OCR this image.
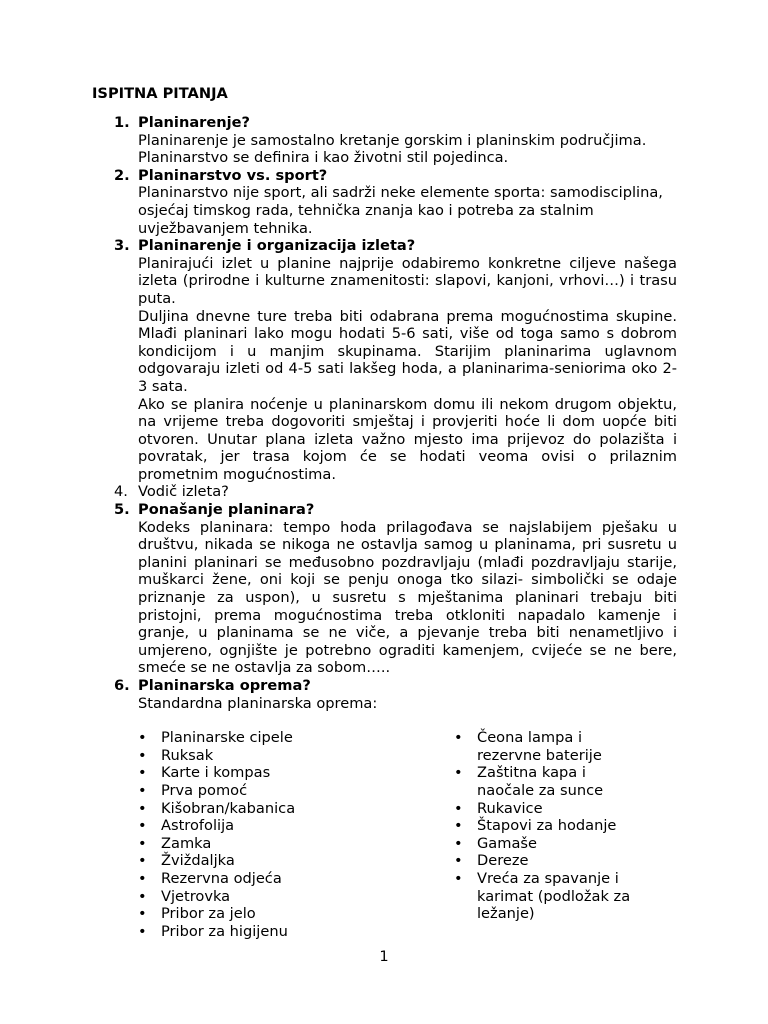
ISPITNA PITANJA
1. Planinarenje?
Planinarenje je samostalno kretanje gorskim i planinskim područjima. Planinarstvo se definira i kao životni stil pojedinca.
2. Planinarstvo vs. sport?
Planinarstvo nije sport, ali sadrži neke elemente sporta: samodisciplina, osjećaj timskog rada, tehnička znanja kao i potreba za stalnim uvježbavanjem tehnika.
3. Planinarenje i organizacija izleta?
Planirajući izlet u planine najprije odabiremo konkretne ciljeve našega izleta (prirodne i kulturne znamenitosti: slapovi, kanjoni, vrhovi…) i trasu puta.
Duljina dnevne ture treba biti odabrana prema mogućnostima skupine. Mlađi planinari lako mogu hodati 5-6 sati, više od toga samo s dobrom kondicijom i u manjim skupinama. Starijim planinarima uglavnom odgovaraju izleti od 4-5 sati lakšeg hoda, a planinarima-seniorima oko 2-3 sata.
Ako se planira noćenje u planinarskom domu ili nekom drugom objektu, na vrijeme treba dogovoriti smještaj i provjeriti hoće li dom uopće biti otvoren. Unutar plana izleta važno mjesto ima prijevoz do polazišta i povratak, jer trasa kojom će se hodati veoma ovisi o prilaznim prometnim mogućnostima.
4. Vodič izleta?
5. Ponašanje planinara?
Kodeks planinara: tempo hoda prilagođava se najslabijem pješaku u društvu, nikada se nikoga ne ostavlja samog u planinama, pri susretu u planini planinari se međusobno pozdravljaju (mlađi pozdravljaju starije, muškarci žene, oni koji se penju onoga tko silazi- simbolički se odaje priznanje za uspon), u susretu s mještanima planinari trebaju biti pristojni, prema mogućnostima treba otkloniti napadalo kamenje i granje, u planinama se ne viče, a pjevanje treba biti nenametljivo i umjereno, ognjište je potrebno ograditi kamenjem, cvijeće se ne bere, smeće se ne ostavlja za sobom…..
6. Planinarska oprema?
Standardna planinarska oprema:
• Planinarske cipele
• Ruksak
• Karte i kompas
• Prva pomoć
• Kišobran/kabanica
• Astrofolija
• Zamka
• Žviždaljka
• Rezervna odjeća
• Vjetrovka
• Pribor za jelo
• Pribor za higijenu
• Čeona lampa i rezervne baterije
• Zaštitna kapa i naočale za sunce
• Rukavice
• Štapovi za hodanje
• Gamaše
• Dereze
• Vreća za spavanje i karimat (podložak za ležanje)
1
